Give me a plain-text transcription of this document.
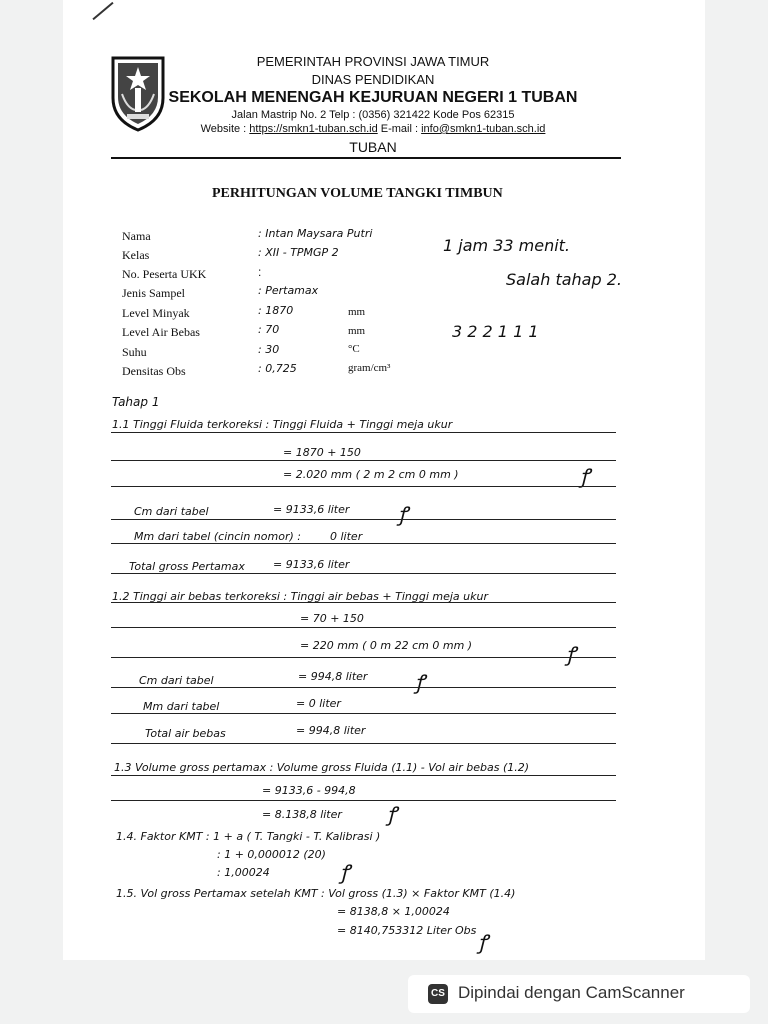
PEMERINTAH PROVINSI JAWA TIMUR
DINAS PENDIDIKAN
SEKOLAH MENENGAH KEJURUAN NEGERI 1 TUBAN
Jalan Mastrip No. 2 Telp : (0356) 321422 Kode Pos 62315
Website : https://smkn1-tuban.sch.id E-mail : info@smkn1-tuban.sch.id
TUBAN
PERHITUNGAN VOLUME TANGKI TIMBUN
Nama	: Intan Maysara Putri
Kelas	: XII - TPMGP 2
No. Peserta UKK	:
Jenis Sampel	: Pertamax
Level Minyak	: 1870	mm
Level Air Bebas	: 70	mm
Suhu	: 30	°C
Densitas Obs	: 0,725	gram/cm³
1 jam 33 menit.
Salah tahap 2.
3 2 2 1 1 1
Tahap 1
1.1 Tinggi Fluida terkoreksi : Tinggi Fluida + Tinggi meja ukur
= 1870 + 150
= 2.020 mm ( 2 m 2 cm 0 mm )	ꝭ
Cm dari tabel	= 9133,6 liter ꝭ
Mm dari tabel (cincin nomor) :	0 liter
Total gross Pertamax	= 9133,6 liter
1.2 Tinggi air bebas terkoreksi : Tinggi air bebas + Tinggi meja ukur
= 70 + 150
= 220 mm ( 0 m 22 cm 0 mm )	ꝭ
Cm dari tabel	= 994,8 liter ꝭ
Mm dari tabel	= 0 liter
Total air bebas	= 994,8 liter
1.3 Volume gross pertamax : Volume gross Fluida (1.1) - Vol air bebas (1.2)
= 9133,6 - 994,8
= 8.138,8 liter ꝭ
1.4. Faktor KMT : 1 + a ( T. Tangki - T. Kalibrasi )
: 1 + 0,000012 (20)
: 1,00024	ꝭ
1.5. Vol gross Pertamax setelah KMT : Vol gross (1.3) × Faktor KMT (1.4)
= 8138,8 × 1,00024
= 8140,753312 Liter Obs ꝭ
CS Dipindai dengan CamScanner
